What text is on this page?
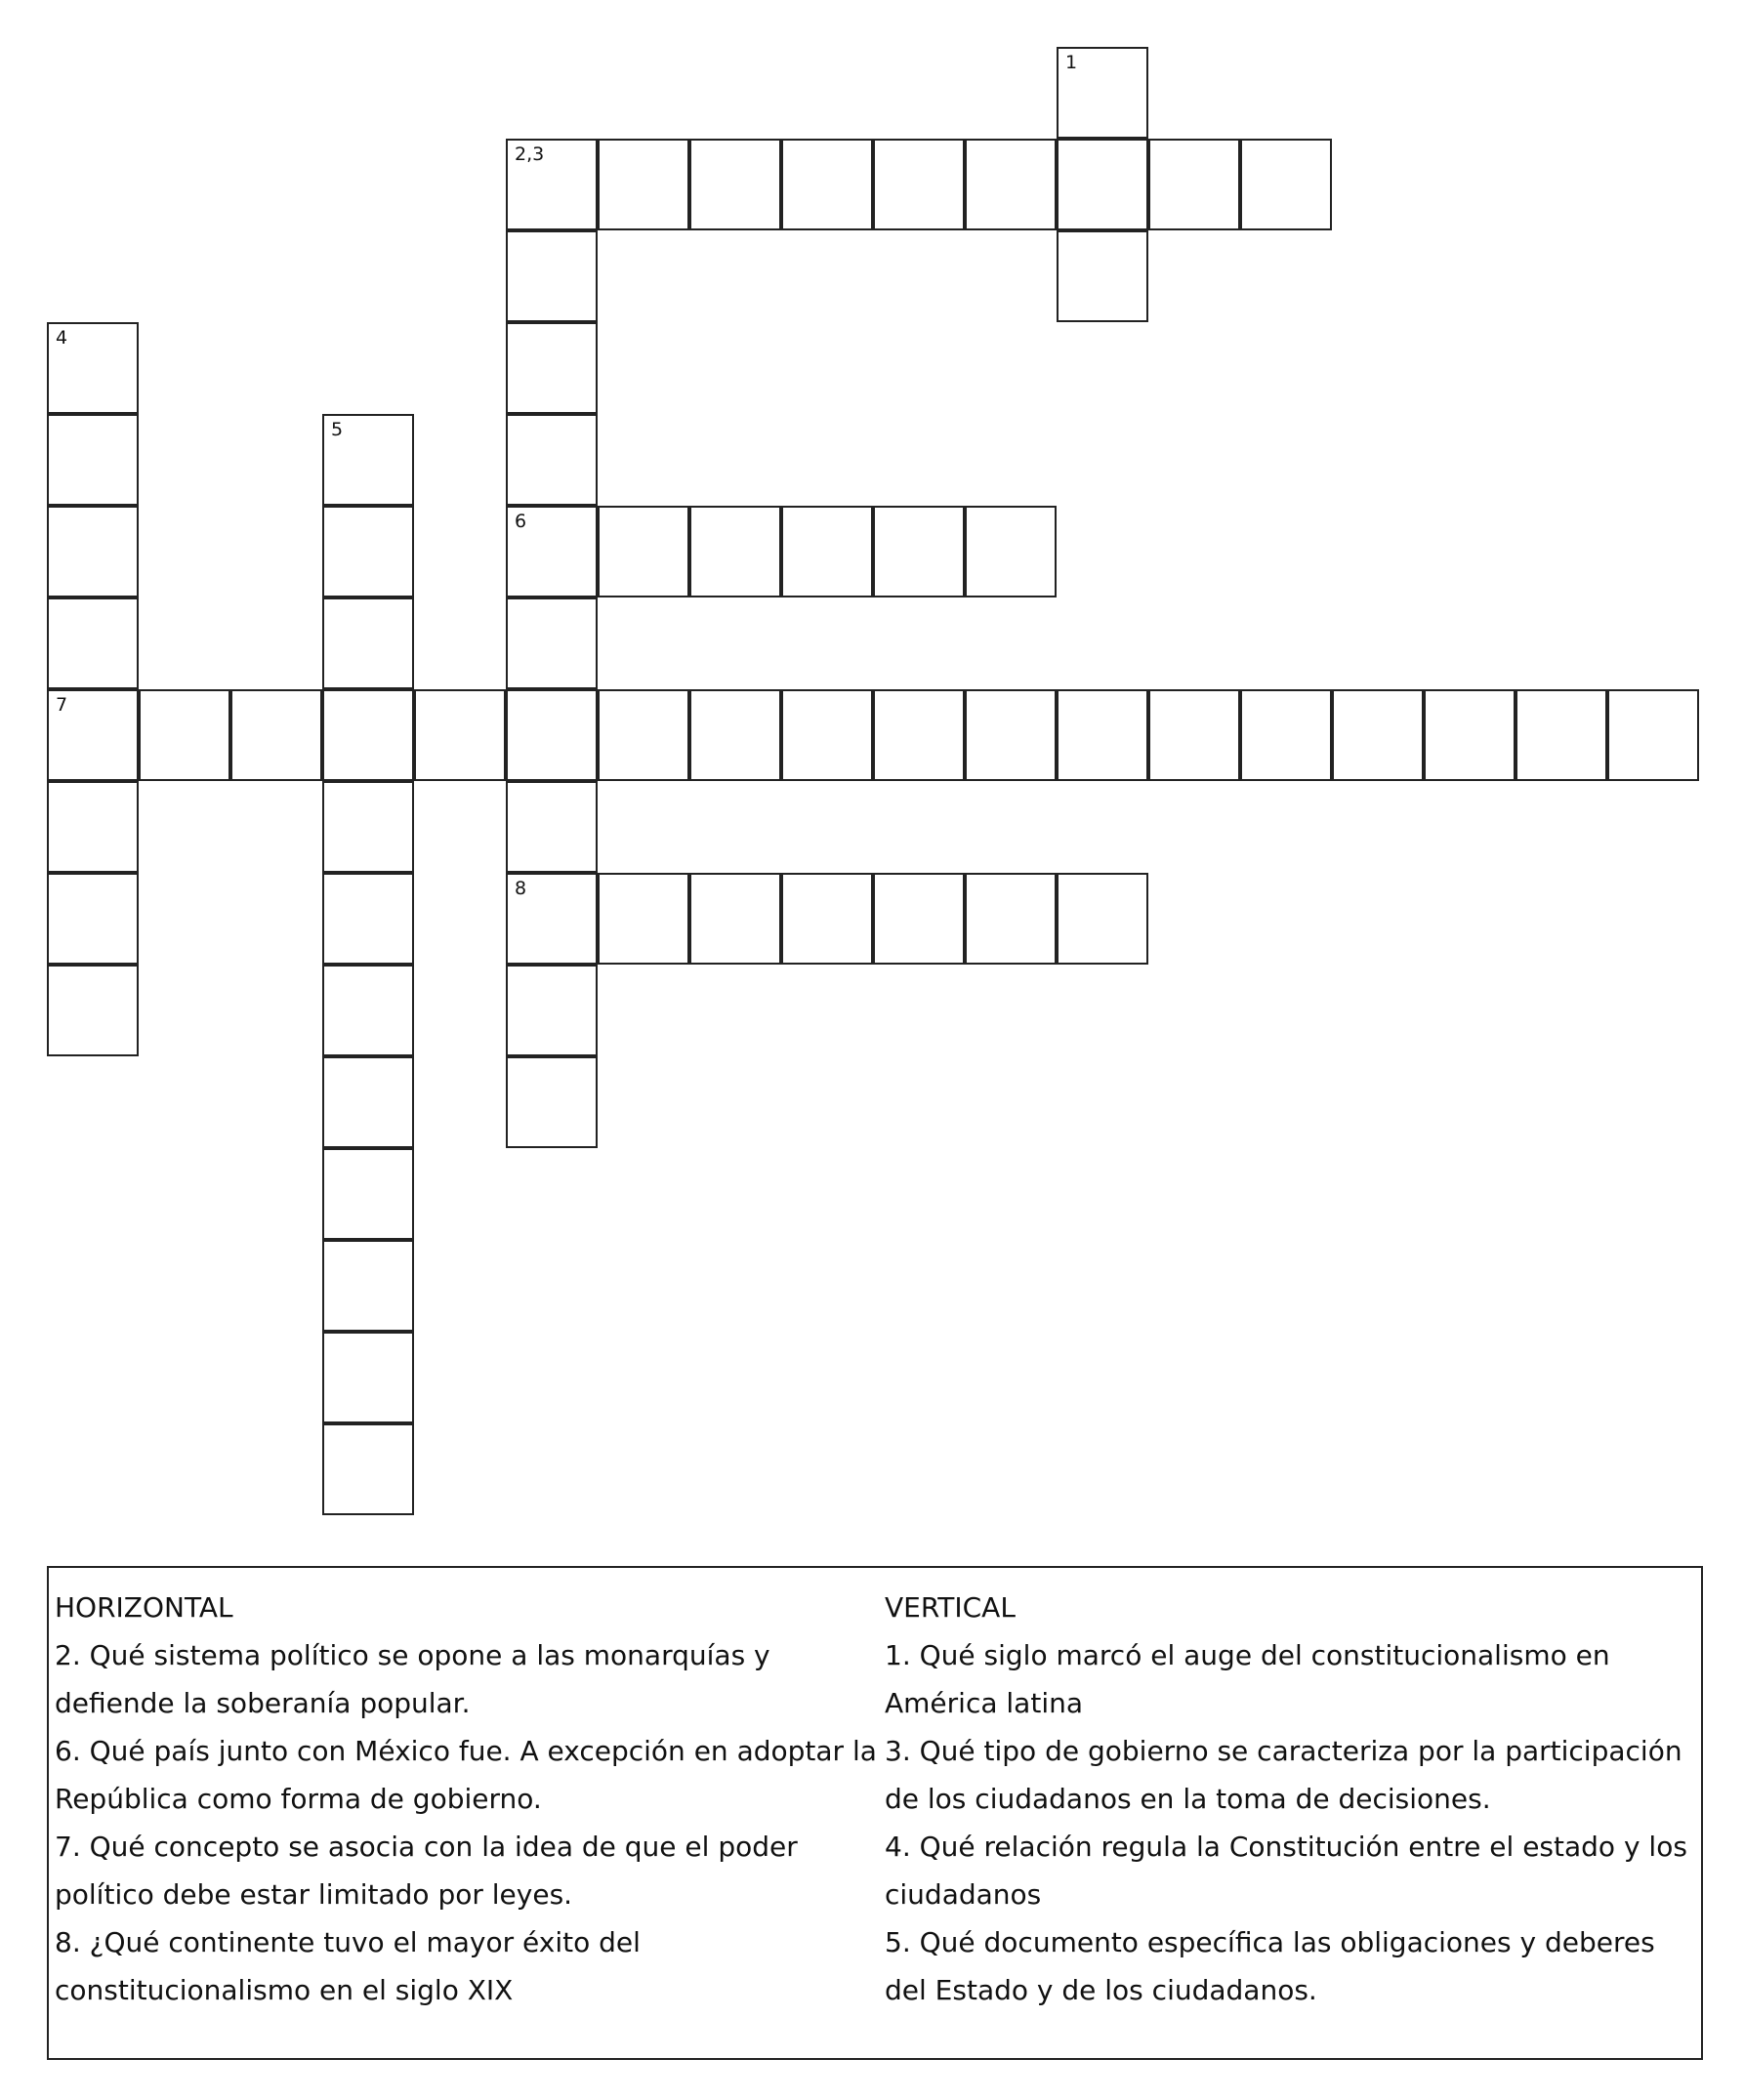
1
2,3
4
5
6
7
8
HORIZONTAL
2. Qué sistema político se opone a las monarquías y defiende la soberanía popular.
6. Qué país junto con México fue. A excepción en adoptar la República como forma de gobierno.
7. Qué concepto se asocia con la idea de que el poder político debe estar limitado por leyes.
8. ¿Qué continente tuvo el mayor éxito del constitucionalismo en el siglo XIX
VERTICAL
1. Qué siglo marcó el auge del constitucionalismo en América latina
3. Qué tipo de gobierno se caracteriza por la participación de los ciudadanos en la toma de decisiones.
4. Qué relación regula la Constitución entre el estado y los ciudadanos
5. Qué documento específica las obligaciones y deberes del Estado y de los ciudadanos.
